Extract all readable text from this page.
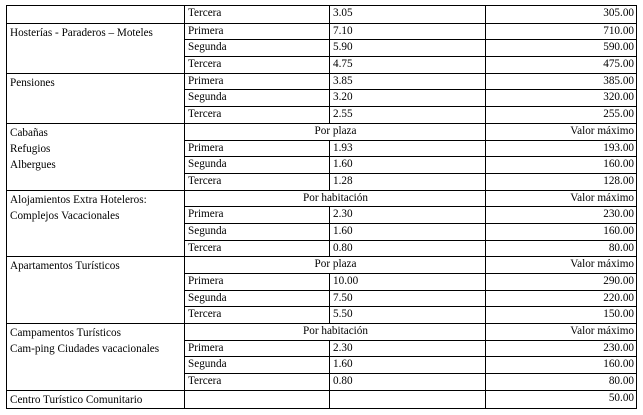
	Tercera	3.05	305.00

Hosterías - Paraderos – Moteles	Primera	7.10	710.00
	Segunda	5.90	590.00
	Tercera	4.75	475.00

Pensiones	Primera	3.85	385.00
	Segunda	3.20	320.00
	Tercera	2.55	255.00

Cabañas
Refugios
Albergues	Por plaza		Valor máximo
	Primera	1.93	193.00
	Segunda	1.60	160.00
	Tercera	1.28	128.00

Alojamientos Extra Hoteleros:
Complejos Vacacionales	Por habitación		Valor máximo
	Primera	2.30	230.00
	Segunda	1.60	160.00
	Tercera	0.80	80.00

Apartamentos Turísticos	Por plaza		Valor máximo
	Primera	10.00	290.00
	Segunda	7.50	220.00
	Tercera	5.50	150.00

Campamentos Turísticos
Cam-ping Ciudades vacacionales	Por habitación		Valor máximo
	Primera	2.30	230.00
	Segunda	1.60	160.00
	Tercera	0.80	80.00
Centro Turístico Comunitario			50.00
